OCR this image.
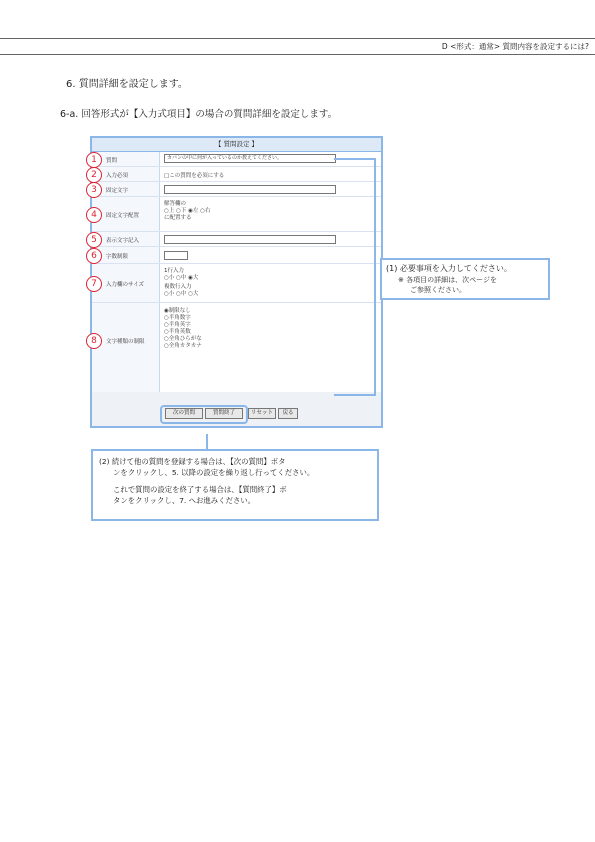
D <形式：通常> 質問内容を設定するには?
6. 質問詳細を設定します。
6-a. 回答形式が【入力式項目】の場合の質問詳細を設定します。
【 質問設定 】
1	質問	カバンの中に何が入っているのか教えてください。
2	入力必須	□この質問を必須にする
3	固定文字
4	固定文字配置
解答欄の
○上 ○下 ◉左 ○右
に配置する
5	表示文字記入
6	字数制限
7	入力欄のサイズ
1行入力
○小 ○中 ◉大
複数行入力
○小 ○中 ○大
8	文字種類の制限
◉制限なし
○半角数字
○半角英字
○半角英数
○全角ひらがな
○全角カタカナ
次の質問	質問終了	リセット	戻る
(1) 必要事項を入力してください。
※ 各項目の詳細は、次ページを
ご参照ください。

(2) 続けて他の質問を登録する場合は、【次の質問】ボタ

ンをクリックし、5. 以降の設定を繰り返し行ってください。

これで質問の設定を終了する場合は、【質問終了】ボ

タンをクリックし、7. へお進みください。
